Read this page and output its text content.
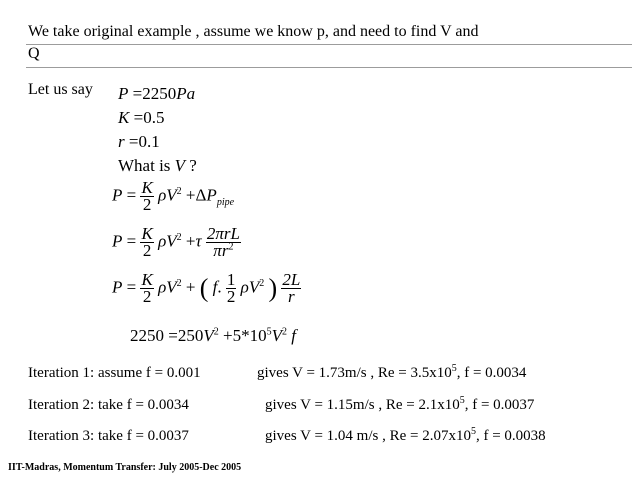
We take original example , assume we know p, and need to find V and
Q
Let us say P =2250Pa
K =0.5
r =0.1
What is V ?
$P = \frac{K}{2} \rho V^2 +\Delta P_{pipe}$
$P = \frac{K}{2} \rho V^2 +\tau \frac{\text{2πrL}}{\pi r^2}$
$P = \frac{K}{2} \rho V^2$ + ( f. $\frac{1}{2} \rho V^2$ ) $\frac{2L}{r}$
$2250 =250V^2 +5*10^5V^2$ f
Iteration 1: assume f = 0.001	gives V = 1.73m/s , $Re = 3.5x10^5$, f = 0.0034
Iteration 2: take f = 0.0034	gives V = 1.15m/s , $Re = 2.1x10^5$, f = 0.0037
Iteration 3: take f = 0.0037	gives V = 1.04 m/s , $Re = 2.07x10^5$, f = 0.0038
IIT-Madras, Momentum Transfer: July 2005-Dec 2005
